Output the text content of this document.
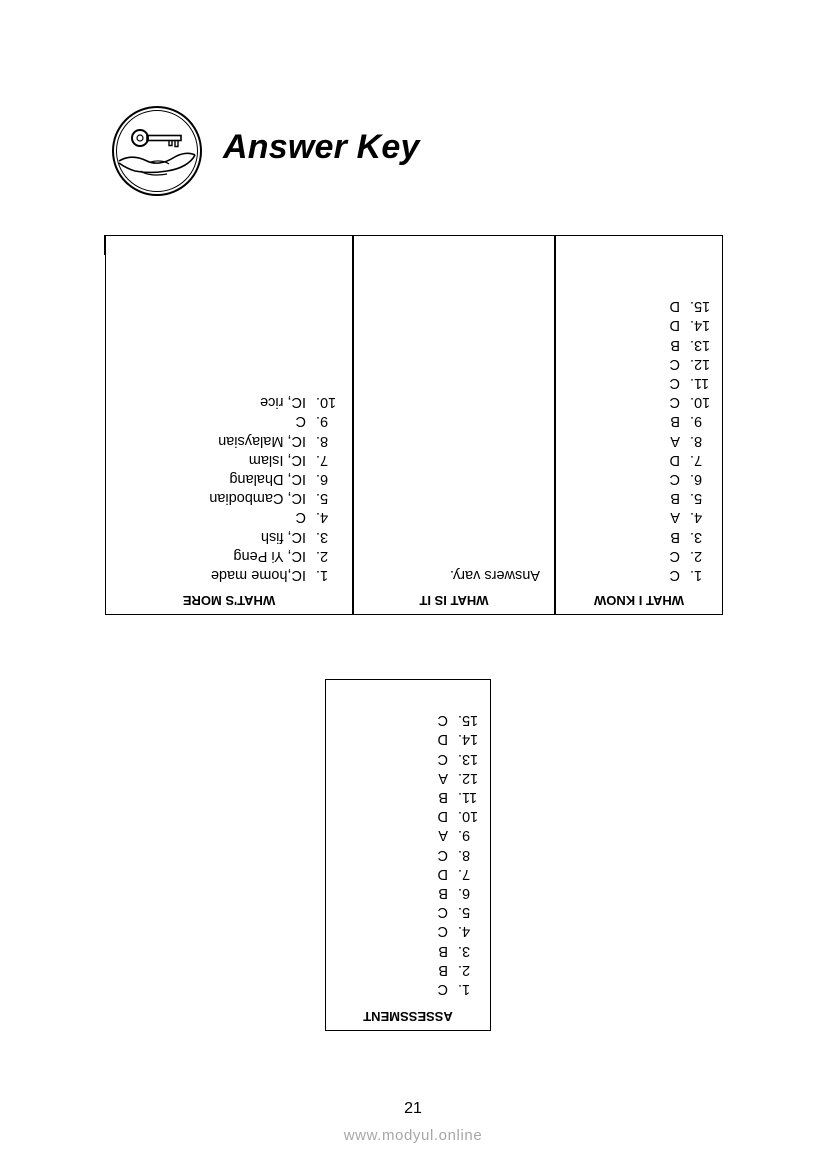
Answer Key
WHAT'S MORE
1.IC,home made
2.IC, Yi Peng
3.IC, fish
4.C
5.IC, Cambodian
6.IC, Dhalang
7.IC, Islam
8.IC, Malaysian
9.C
10.IC, rice
WHAT IS IT
Answers vary.
WHAT I KNOW
1.C
2.C
3.B
4.A
5.B
6.C
7.D
8.A
9.B
10.C
11.C
12.C
13.B
14.D
15.D
ASSESSMENT
1.C
2.B
3.B
4.C
5.C
6.B
7.D
8.C
9.A
10.D
11.B
12.A
13.C
14.D
15.C
21
www.modyul.online
